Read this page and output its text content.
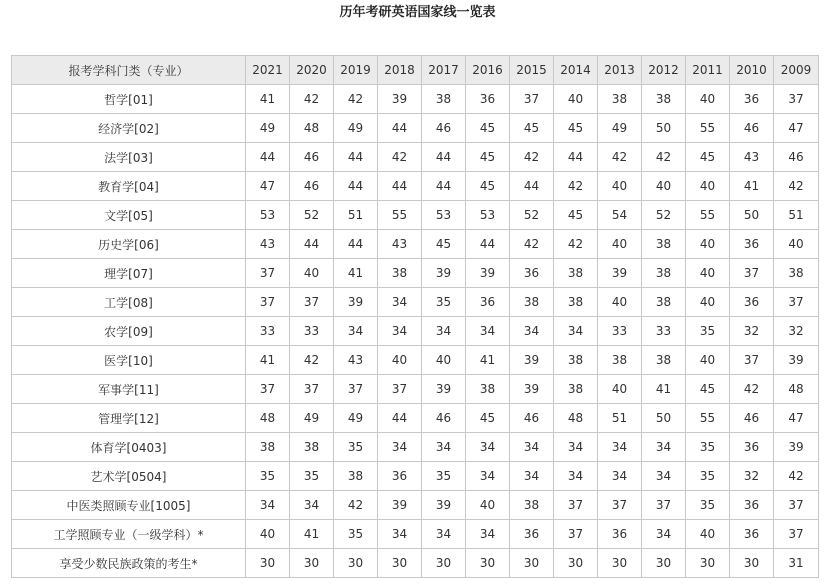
历年考研英语国家线一览表
报考学科门类（专业）	2021	2020	2019	2018	2017	2016	2015	2014	2013	2012	2011	2010	2009
哲学[01]	41	42	42	39	38	36	37	40	38	38	40	36	37
经济学[02]	49	48	49	44	46	45	45	45	49	50	55	46	47
法学[03]	44	46	44	42	44	45	42	44	42	42	45	43	46
教育学[04]	47	46	44	44	44	45	44	42	40	40	40	41	42
文学[05]	53	52	51	55	53	53	52	45	54	52	55	50	51
历史学[06]	43	44	44	43	45	44	42	42	40	38	40	36	40
理学[07]	37	40	41	38	39	39	36	38	39	38	40	37	38
工学[08]	37	37	39	34	35	36	38	38	40	38	40	36	37
农学[09]	33	33	34	34	34	34	34	34	33	33	35	32	32
医学[10]	41	42	43	40	40	41	39	38	38	38	40	37	39
军事学[11]	37	37	37	37	39	38	39	38	40	41	45	42	48
管理学[12]	48	49	49	44	46	45	46	48	51	50	55	46	47
体育学[0403]	38	38	35	34	34	34	34	34	34	34	35	36	39
艺术学[0504]	35	35	38	36	35	34	34	34	34	34	35	32	42
中医类照顾专业[1005]	34	34	42	39	39	40	38	37	37	37	35	36	37
工学照顾专业（一级学科）*	40	41	35	34	34	34	36	37	36	34	40	36	37
享受少数民族政策的考生*	30	30	30	30	30	30	30	30	30	30	30	30	31
